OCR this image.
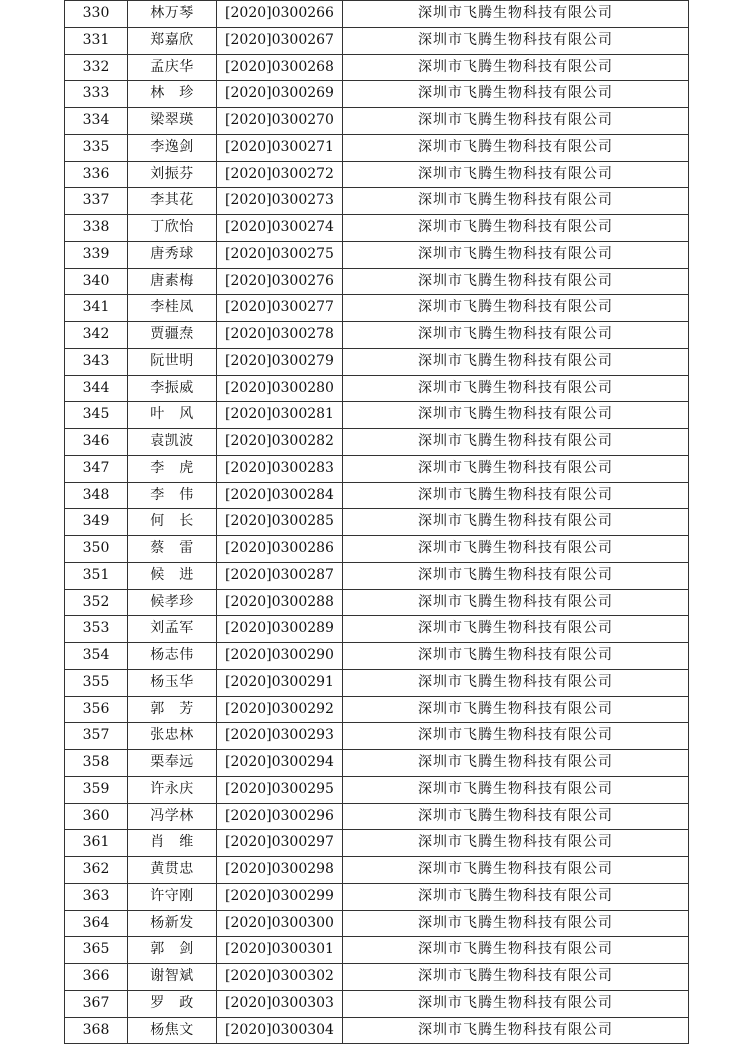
330	林万琴	[2020]0300266	深圳市飞腾生物科技有限公司
331	郑嘉欣	[2020]0300267	深圳市飞腾生物科技有限公司
332	孟庆华	[2020]0300268	深圳市飞腾生物科技有限公司
333	林　珍	[2020]0300269	深圳市飞腾生物科技有限公司
334	梁翠瑛	[2020]0300270	深圳市飞腾生物科技有限公司
335	李逸剑	[2020]0300271	深圳市飞腾生物科技有限公司
336	刘振芬	[2020]0300272	深圳市飞腾生物科技有限公司
337	李其花	[2020]0300273	深圳市飞腾生物科技有限公司
338	丁欣怡	[2020]0300274	深圳市飞腾生物科技有限公司
339	唐秀球	[2020]0300275	深圳市飞腾生物科技有限公司
340	唐素梅	[2020]0300276	深圳市飞腾生物科技有限公司
341	李桂凤	[2020]0300277	深圳市飞腾生物科技有限公司
342	贾疆焘	[2020]0300278	深圳市飞腾生物科技有限公司
343	阮世明	[2020]0300279	深圳市飞腾生物科技有限公司
344	李振威	[2020]0300280	深圳市飞腾生物科技有限公司
345	叶　风	[2020]0300281	深圳市飞腾生物科技有限公司
346	袁凯波	[2020]0300282	深圳市飞腾生物科技有限公司
347	李　虎	[2020]0300283	深圳市飞腾生物科技有限公司
348	李　伟	[2020]0300284	深圳市飞腾生物科技有限公司
349	何　长	[2020]0300285	深圳市飞腾生物科技有限公司
350	蔡　雷	[2020]0300286	深圳市飞腾生物科技有限公司
351	候　进	[2020]0300287	深圳市飞腾生物科技有限公司
352	候孝珍	[2020]0300288	深圳市飞腾生物科技有限公司
353	刘孟军	[2020]0300289	深圳市飞腾生物科技有限公司
354	杨志伟	[2020]0300290	深圳市飞腾生物科技有限公司
355	杨玉华	[2020]0300291	深圳市飞腾生物科技有限公司
356	郭　芳	[2020]0300292	深圳市飞腾生物科技有限公司
357	张忠林	[2020]0300293	深圳市飞腾生物科技有限公司
358	栗奉远	[2020]0300294	深圳市飞腾生物科技有限公司
359	许永庆	[2020]0300295	深圳市飞腾生物科技有限公司
360	冯学林	[2020]0300296	深圳市飞腾生物科技有限公司
361	肖　维	[2020]0300297	深圳市飞腾生物科技有限公司
362	黄贯忠	[2020]0300298	深圳市飞腾生物科技有限公司
363	许守刚	[2020]0300299	深圳市飞腾生物科技有限公司
364	杨新发	[2020]0300300	深圳市飞腾生物科技有限公司
365	郭　剑	[2020]0300301	深圳市飞腾生物科技有限公司
366	谢智斌	[2020]0300302	深圳市飞腾生物科技有限公司
367	罗　政	[2020]0300303	深圳市飞腾生物科技有限公司
368	杨焦文	[2020]0300304	深圳市飞腾生物科技有限公司
